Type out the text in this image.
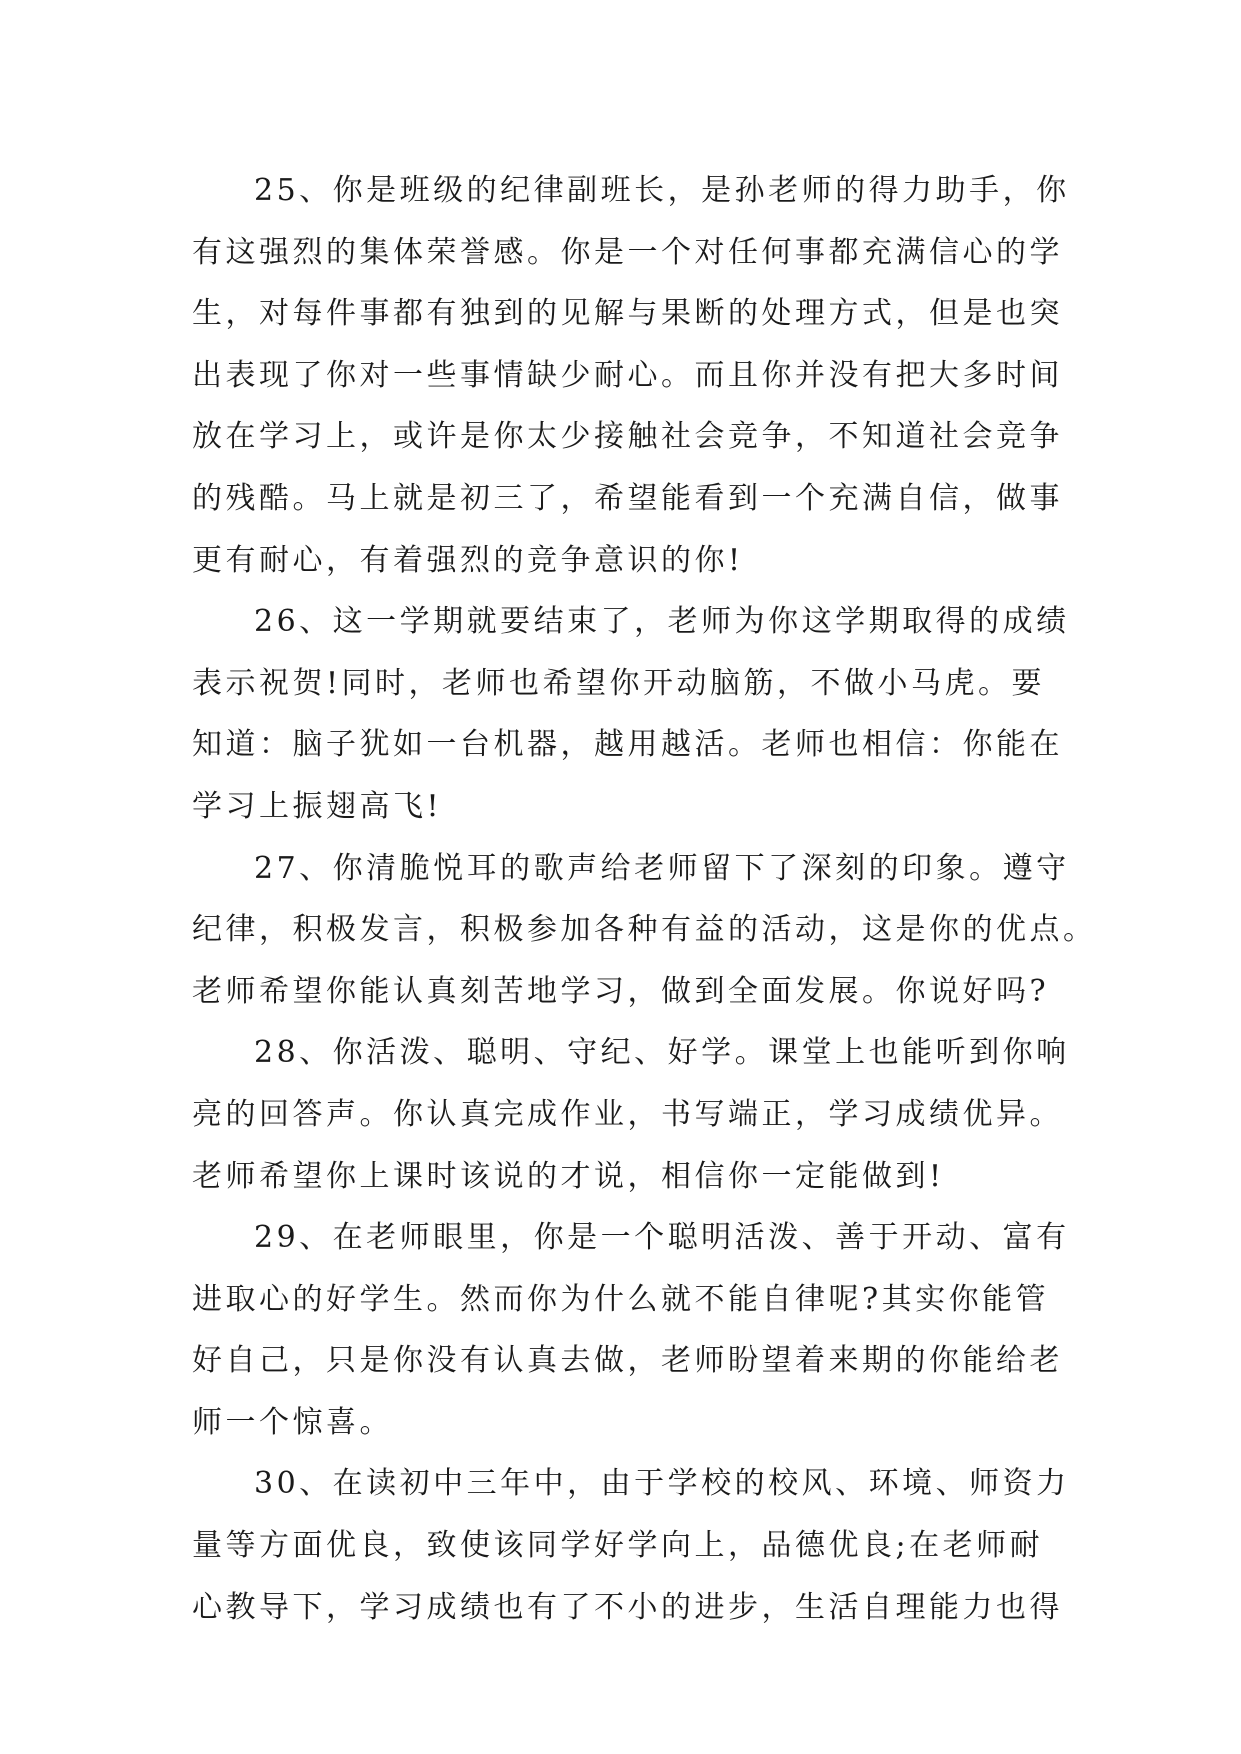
25、你是班级的纪律副班长，是孙老师的得力助手，你
有这强烈的集体荣誉感。你是一个对任何事都充满信心的学
生，对每件事都有独到的见解与果断的处理方式，但是也突
出表现了你对一些事情缺少耐心。而且你并没有把大多时间
放在学习上，或许是你太少接触社会竞争，不知道社会竞争
的残酷。马上就是初三了，希望能看到一个充满自信，做事
更有耐心，有着强烈的竞争意识的你!
26、这一学期就要结束了，老师为你这学期取得的成绩
表示祝贺!同时，老师也希望你开动脑筋，不做小马虎。要
知道：脑子犹如一台机器，越用越活。老师也相信：你能在
学习上振翅高飞!
27、你清脆悦耳的歌声给老师留下了深刻的印象。遵守
纪律，积极发言，积极参加各种有益的活动，这是你的优点。
老师希望你能认真刻苦地学习，做到全面发展。你说好吗?
28、你活泼、聪明、守纪、好学。课堂上也能听到你响
亮的回答声。你认真完成作业，书写端正，学习成绩优异。
老师希望你上课时该说的才说，相信你一定能做到!
29、在老师眼里，你是一个聪明活泼、善于开动、富有
进取心的好学生。然而你为什么就不能自律呢?其实你能管
好自己，只是你没有认真去做，老师盼望着来期的你能给老
师一个惊喜。
30、在读初中三年中，由于学校的校风、环境、师资力
量等方面优良，致使该同学好学向上，品德优良;在老师耐
心教导下，学习成绩也有了不小的进步，生活自理能力也得
